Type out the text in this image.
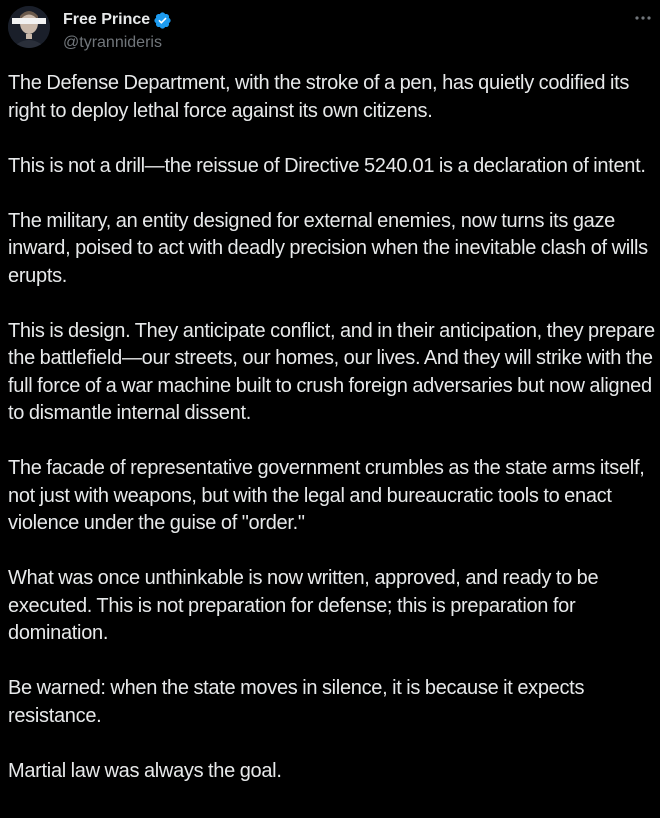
Free Prince
@tyrannideris

The Defense Department, with the stroke of a pen, has quietly codified its right to deploy lethal force against its own citizens.

This is not a drill—the reissue of Directive 5240.01 is a declaration of intent.

The military, an entity designed for external enemies, now turns its gaze inward, poised to act with deadly precision when the inevitable clash of wills erupts.

This is design. They anticipate conflict, and in their anticipation, they prepare the battlefield—our streets, our homes, our lives. And they will strike with the full force of a war machine built to crush foreign adversaries but now aligned to dismantle internal dissent.

The facade of representative government crumbles as the state arms itself, not just with weapons, but with the legal and bureaucratic tools to enact violence under the guise of "order."

What was once unthinkable is now written, approved, and ready to be executed. This is not preparation for defense; this is preparation for domination.

Be warned: when the state moves in silence, it is because it expects resistance.

Martial law was always the goal.
